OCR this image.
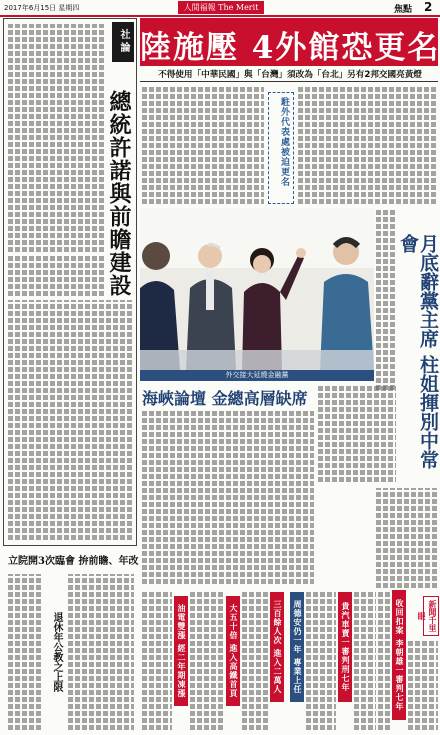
2017年6月15日 星期四	人間福報 The Merit	焦點 2
社論
總統許諾與前瞻建設
立院開3次臨會 拚前瞻、年改
退休年公教之上限
陸施壓 4外館恐更名
不得使用「中華民國」與「台灣」須改為「台北」另有2邦交國亮黃燈
駐外代表處被迫更名
外交接大延燒金融黨	月底辭黨主席 柱姐揮別中常會
海峽論壇 金總高層缺席
油電雙漲 經二年期凍漲	大五十倍 進入高鐵首頁	三百餘人次 進入二萬人	周德安仍一年 專業上任	貴汽車賣一審判刑七年	收回扣案 李朝雄一審判七年	新聞千里眼
